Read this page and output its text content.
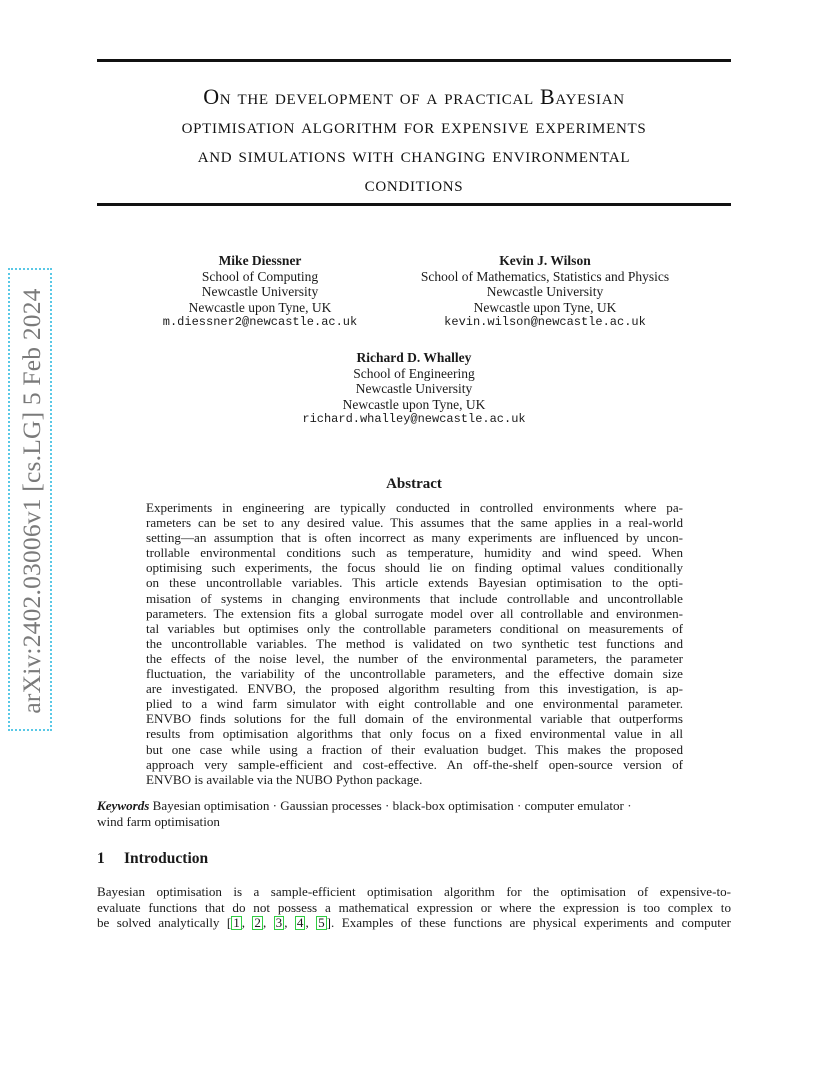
arXiv:2402.03006v1 [cs.LG] 5 Feb 2024
On the development of a practical Bayesian
optimisation algorithm for expensive experiments
and simulations with changing environmental
conditions
Mike Diessner
School of Computing
Newcastle University
Newcastle upon Tyne, UK
m.diessner2@newcastle.ac.uk
Kevin J. Wilson
School of Mathematics, Statistics and Physics
Newcastle University
Newcastle upon Tyne, UK
kevin.wilson@newcastle.ac.uk
Richard D. Whalley
School of Engineering
Newcastle University
Newcastle upon Tyne, UK
richard.whalley@newcastle.ac.uk
Abstract
Experiments in engineering are typically conducted in controlled environments where pa-
rameters can be set to any desired value. This assumes that the same applies in a real-world
setting—an assumption that is often incorrect as many experiments are influenced by uncon-
trollable environmental conditions such as temperature, humidity and wind speed. When
optimising such experiments, the focus should lie on finding optimal values conditionally
on these uncontrollable variables. This article extends Bayesian optimisation to the opti-
misation of systems in changing environments that include controllable and uncontrollable
parameters. The extension fits a global surrogate model over all controllable and environmen-
tal variables but optimises only the controllable parameters conditional on measurements of
the uncontrollable variables. The method is validated on two synthetic test functions and
the effects of the noise level, the number of the environmental parameters, the parameter
fluctuation, the variability of the uncontrollable parameters, and the effective domain size
are investigated. ENVBO, the proposed algorithm resulting from this investigation, is ap-
plied to a wind farm simulator with eight controllable and one environmental parameter.
ENVBO finds solutions for the full domain of the environmental variable that outperforms
results from optimisation algorithms that only focus on a fixed environmental value in all
but one case while using a fraction of their evaluation budget. This makes the proposed
approach very sample-efficient and cost-effective. An off-the-shelf open-source version of
ENVBO is available via the NUBO Python package.
Keywords Bayesian optimisation · Gaussian processes · black-box optimisation · computer emulator ·
wind farm optimisation
1 Introduction
Bayesian optimisation is a sample-efficient optimisation algorithm for the optimisation of expensive-to-
evaluate functions that do not possess a mathematical expression or where the expression is too complex to
be solved analytically [ 1 , 2 , 3 , 4 , 5 ]. Examples of these functions are physical experiments and computer
